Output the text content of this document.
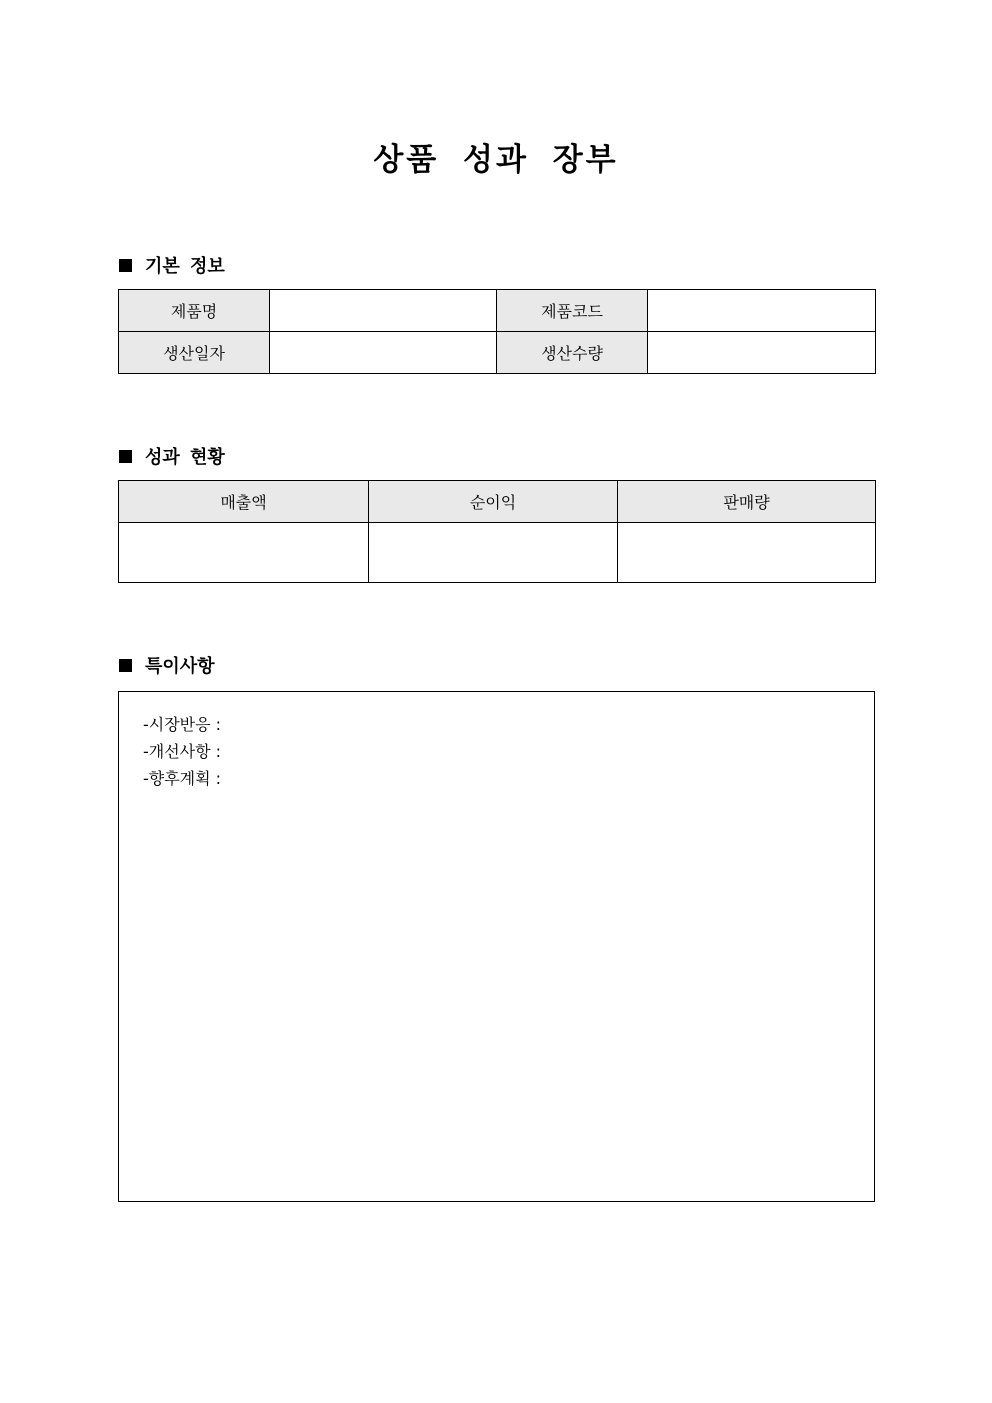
상품 성과 장부
기본 정보
제품명		제품코드	
생산일자		생산수량	
성과 현황
매출액	순이익	판매량

특이사항
-시장반응 :
-개선사항 :
-향후계획 :
